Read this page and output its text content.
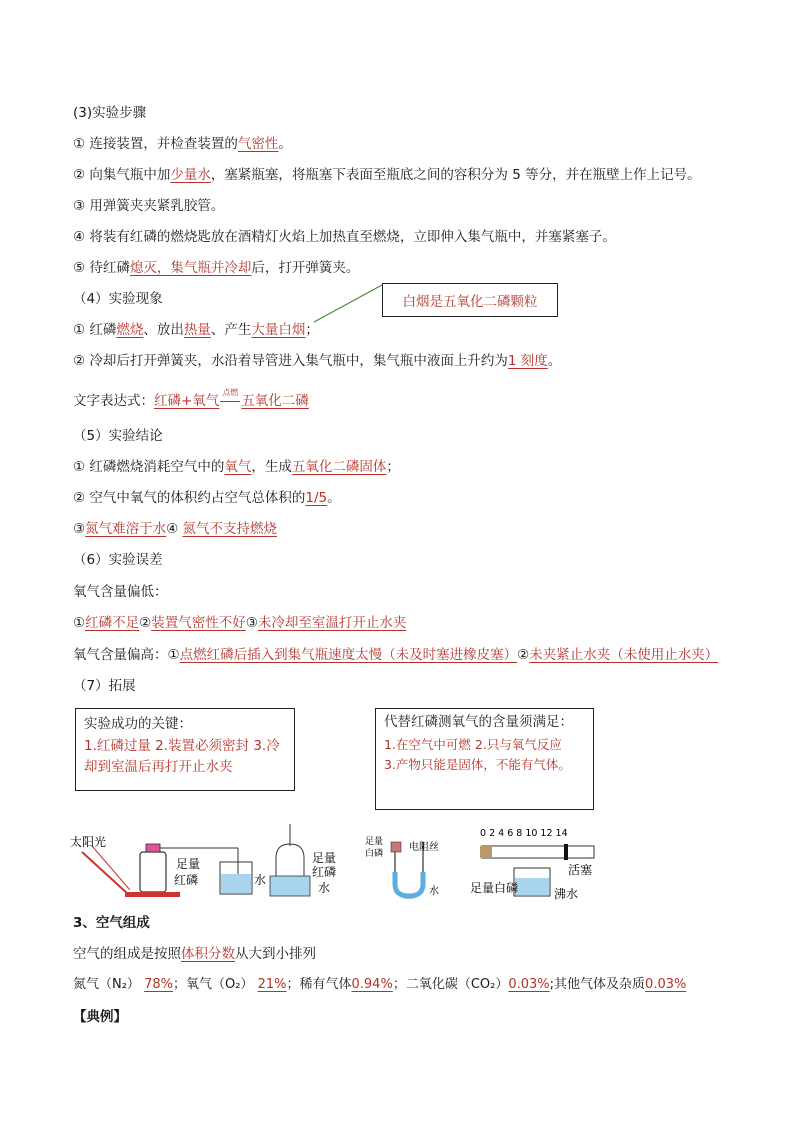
(3)实验步骤
① 连接装置，并检查装置的气密性。
② 向集气瓶中加少量水，塞紧瓶塞，将瓶塞下表面至瓶底之间的容积分为 5 等分，并在瓶壁上作上记号。
③ 用弹簧夹夹紧乳胶管。
④ 将装有红磷的燃烧匙放在酒精灯火焰上加热直至燃烧，立即伸入集气瓶中，并塞紧塞子。
⑤ 待红磷熄灭，集气瓶并冷却后，打开弹簧夹。
（4）实验现象	白烟是五氧化二磷颗粒
① 红磷燃烧、放出热量、产生大量白烟；
② 冷却后打开弹簧夹，水沿着导管进入集气瓶中，集气瓶中液面上升约为1 刻度。
文字表达式：红磷+氧气
点燃
五氧化二磷
（5）实验结论
① 红磷燃烧消耗空气中的氧气，生成五氧化二磷固体；
② 空气中氧气的体积约占空气总体积的1/5。
③氮气难溶于水④ 氮气不支持燃烧
（6）实验误差
氧气含量偏低：
①红磷不足②装置气密性不好③未冷却至室温打开止水夹
氧气含量偏高：①点燃红磷后插入到集气瓶速度太慢（未及时塞进橡皮塞）②未夹紧止水夹（未使用止水夹）
（7）拓展
实验成功的关键：
1.红磷过量 2.装置必须密封 3.冷
却到室温后再打开止水夹
代替红磷测氧气的含量须满足：
1.在空气中可燃 2.只与氧气反应
3.产物只能是固体，不能有气体。
太阳光
足量
红磷	水
足量
红磷
水
足量
白磷
电阻丝
水
0 2 4 6 8 10 12 14
足量白磷
活塞
沸水
3、空气组成
空气的组成是按照体积分数从大到小排列
氮气（N₂） 78%；氧气（O₂） 21%；稀有气体0.94%；二氧化碳（CO₂）0.03%;其他气体及杂质0.03%
【典例】
